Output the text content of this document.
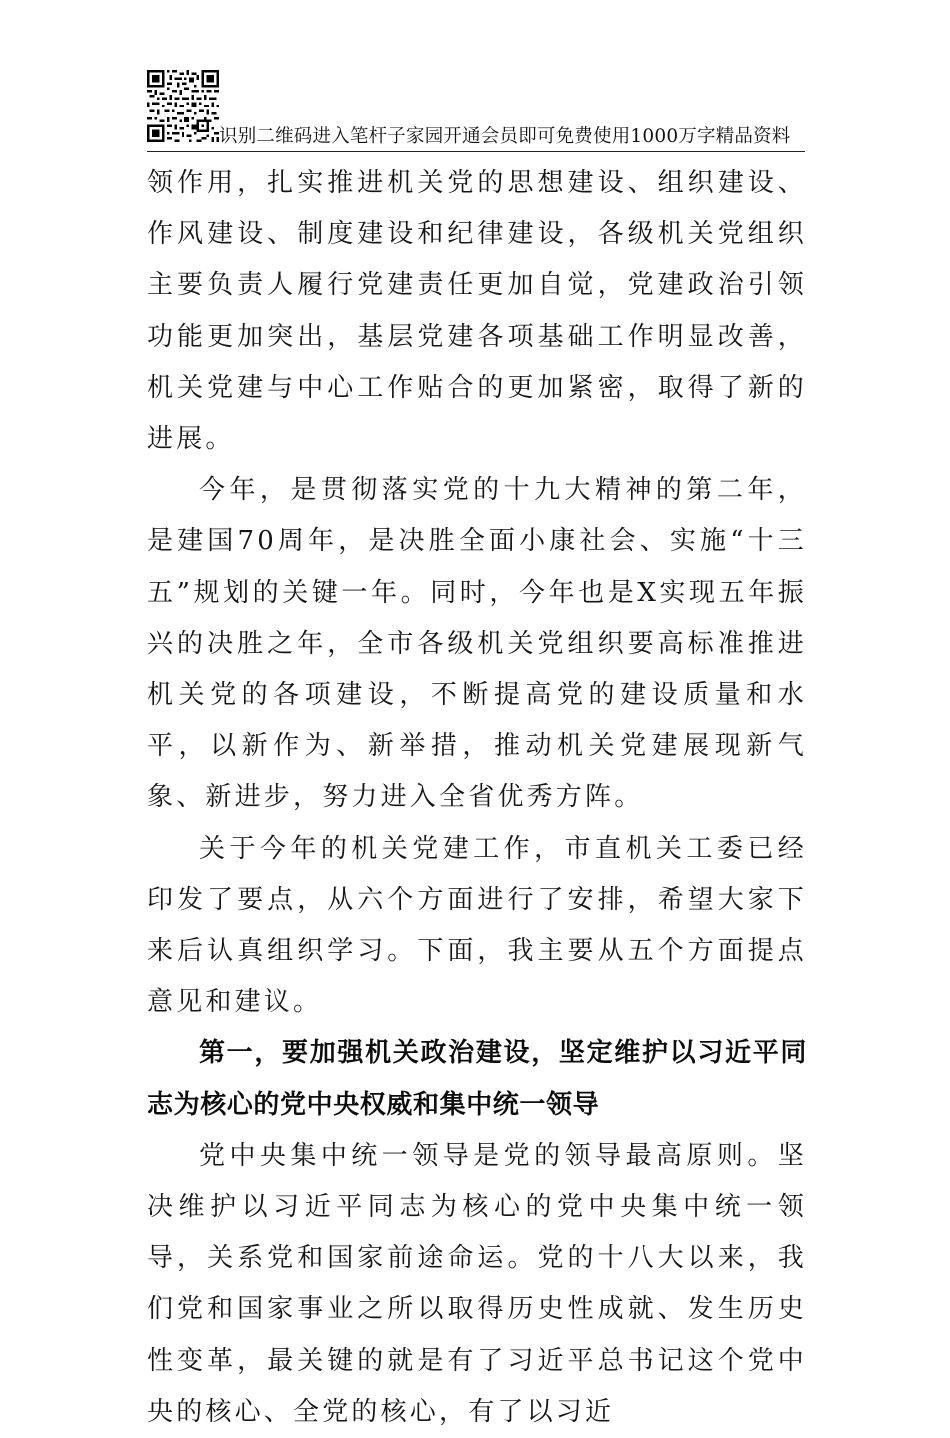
识别二维码进入笔杆子家园开通会员即可免费使用1000万字精品资料

领作用，扎实推进机关党的思想建设、组织建设、作风建设、制度建设和纪律建设，各级机关党组织主要负责人履行党建责任更加自觉，党建政治引领功能更加突出，基层党建各项基础工作明显改善，机关党建与中心工作贴合的更加紧密，取得了新的进展。

今年，是贯彻落实党的十九大精神的第二年，是建国70周年，是决胜全面小康社会、实施“十三五”规划的关键一年。同时，今年也是X实现五年振兴的决胜之年，全市各级机关党组织要高标准推进机关党的各项建设，不断提高党的建设质量和水平，以新作为、新举措，推动机关党建展现新气象、新进步，努力进入全省优秀方阵。

关于今年的机关党建工作，市直机关工委已经印发了要点，从六个方面进行了安排，希望大家下来后认真组织学习。下面，我主要从五个方面提点意见和建议。

第一，要加强机关政治建设，坚定维护以习近平同志为核心的党中央权威和集中统一领导

党中央集中统一领导是党的领导最高原则。坚决维护以习近平同志为核心的党中央集中统一领导，关系党和国家前途命运。党的十八大以来，我们党和国家事业之所以取得历史性成就、发生历史性变革，最关键的就是有了习近平总书记这个党中央的核心、全党的核心，有了以习近
